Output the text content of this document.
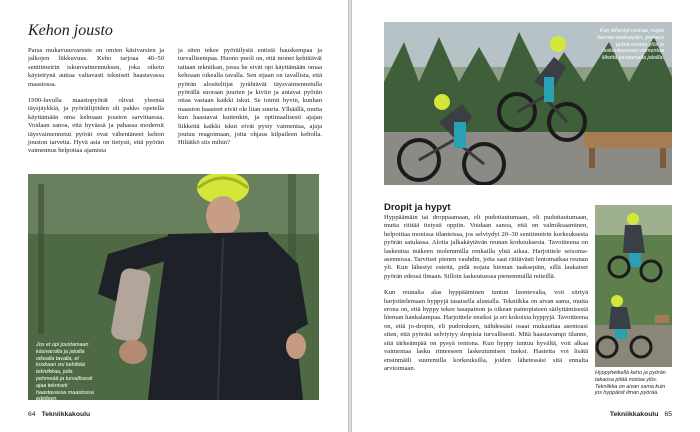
Kehon jousto

Paras mukavuusvaruste on omien käsivarsien ja jalkojen liikkuvuus. Keho tarjoaa 40–50 senttimetrin iskunvaimennuksen, joka oikein käytettynä auttaa valtavasti tekniseti haastavassa maastossa.

1990-luvulla maastopyörät olivat yleensä täysjäykkiä, ja pyöräilijöiden oli pakko opetella käyttämään oma kehoaan jouston sarvittaessa. Voidaan sanoa, että hyvässä ja pahassa modernit täysvaimennetut pyörät ovat vähentäneet kehon jouston tarvetta. Hyvä asia on tietysti, että pyörän vaimennus helpottaa ajamista

ja siten tekee pyöräilystä entistä hauskempaa ja turvallisempaa. Huono puoli on, että monet kehittävät taitaan tekniikan, jossa he eivät opi käyttämään omaa kehoaan oikealla tavalla. Sen sijaan on tavallista, että pyörän alositeltijat jyrähtävät täysvaimennetulla pyörällä suoraan juurien ja kiviin ja antavat pyörän ottaa vastaan kaikki iskut. Se toimii hyvin, kunhan maaston haasteet eivät ole liian suuria. Ylhäällä, mutta kun haastavat kuitenkin, ja optimaalisesti ajajan liikkeitä kaikki iskut eivät pysty vaimentaa, ajaja joutuu reagoimaan, jotta ohjaus kilpaileen keholla. Hiltätkö siis mihin?

Jos et opi joustamaan käsivarsilla ja jaloilla oikealla tavalla, et koskaan voi kehittää tekniikkaa, jolla pehmeää ja turvallisesti ajaa tekniseti haastavassa maastossa edelleen.
64 Tekniikkakoulu
Kun lähestyt reunaa, nojaa hieman taaksepäin, jonkaus pyörä etuosa ylös ja laskeutuessasi vaimentaa liikettä joustamalla jaloilla.
Dropit ja hypyt

Hyppäämäin tai droppaamaan, eli pudottautumaan, eli pudottautumaan, mutta riittää tietysti oppiin. Voidaan sanoa, että on valmiksaaminen, helpoittaa monissa tilanteissa, jos selviydyt 20–30 senttimetrin korkeuksesta pyörän satulassa. Aloita jalkakäytävän reunan korkeuksesta. Tavoitteena on laskeutua mäkeen molemmilla renkailla yhtä aikaa. Harjoittele seisoma-asennossa. Tarvitset pienen vauhdin, jotta saat riittävästi lentomatkaa reunan yli. Kun lähestyt esteitä, pidä nojata hieman taaksepäin, sillä laukaiset pyörän edessä ilmaan. Silloin laskeutuessa pienemmällä reiteillä.

Kun reunalta alas hyppääminen tuntuu luontevalta, voit siirtyä harjoittelemaan hyppyjä tasaisella alustalla. Tekniikka on aivan sama, mutta erona on, että hyppy tekee tasapainon ja oikean painopisteen säilyttämisestä hieman hankalampaa. Harjoittele ensiksi ja eri kokoisia hyppyjä. Tavoitteena on, että jo-dropin, eli pudotuksen, nähdessäsi osaat mukauttaa asentoasi siten, että pyöräsi selviytyy dropista turvallisesti. Mitä haastavampi tilanne, sitä tärkeämpää on pysyä rentona. Kun hyppy tuntuu hyvältä, voit alkaa vaimentaa lasku rinteeseen laskeutumisen tueksi. Hastetta voi lisätä ensinmäili suuremilla korkeuksilla, joiden lähetessäsi sitä ennalta arvioimaan.

Hyppyhetkellä keho ja pyörän takaosa pitää nostaa ylös. Tekniikka on aivan sama kuin jos hyppäisit ilman pyörää.
Tekniikkakoulu 65
